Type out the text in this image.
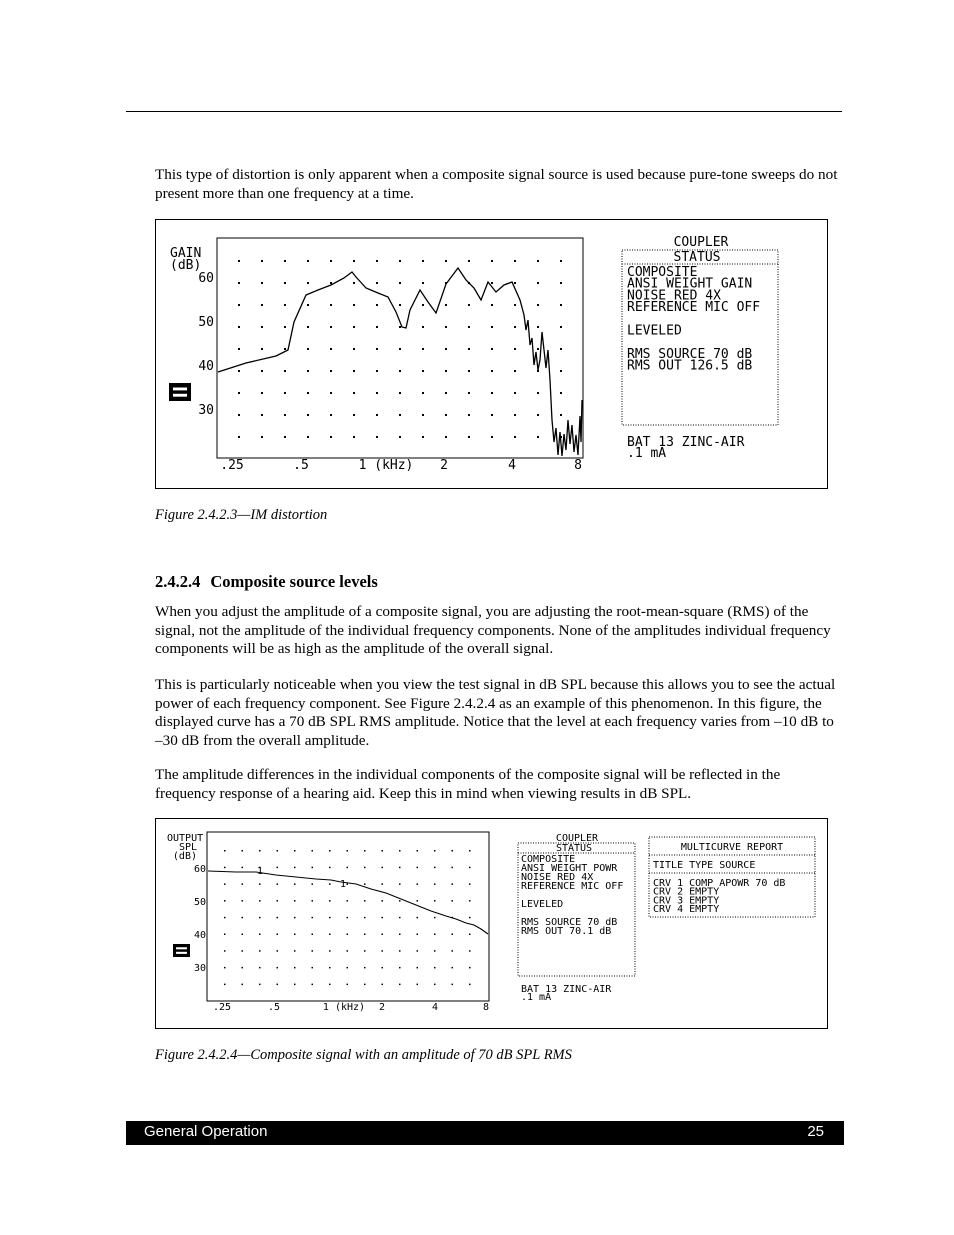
This type of distortion is only apparent when a composite signal source is used because pure-tone sweeps do not present more than one frequency at a time.

GAIN
(dB)
60
50
40
30
.25	.5	1 (kHz) 2	4	8
COUPLER
STATUS
COMPOSITE
ANSI WEIGHT GAIN
NOISE RED 4X
REFERENCE MIC OFF
LEVELED
RMS SOURCE 70 dB
RMS OUT 126.5 dB
BAT 13 ZINC-AIR
.1 mA

Figure 2.4.2.3—IM distortion

2.4.2.4 Composite source levels

When you adjust the amplitude of a composite signal, you are adjusting the root-mean-square (RMS) of the signal, not the amplitude of the individual frequency components. None of the amplitudes individual frequency components will be as high as the amplitude of the overall signal.

This is particularly noticeable when you view the test signal in dB SPL because this allows you to see the actual power of each frequency component. See Figure 2.4.2.4 as an example of this phenomenon. In this figure, the displayed curve has a 70 dB SPL RMS amplitude. Notice that the level at each frequency varies from –10 dB to –30 dB from the overall amplitude.

The amplitude differences in the individual components of the composite signal will be reflected in the frequency response of a hearing aid. Keep this in mind when viewing results in dB SPL.

OUTPUT
SPL
(dB)
60
50
40
30
.25	.5	1 (kHz) 2	4	8
1
1
COUPLER
STATUS
COMPOSITE
ANSI WEIGHT POWR
NOISE RED 4X
REFERENCE MIC OFF
LEVELED
RMS SOURCE 70 dB
RMS OUT 70.1 dB
BAT 13 ZINC-AIR
.1 mA
MULTICURVE REPORT
TITLE TYPE SOURCE
CRV 1 COMP APOWR 70 dB
CRV 2 EMPTY
CRV 3 EMPTY
CRV 4 EMPTY

Figure 2.4.2.4—Composite signal with an amplitude of 70 dB SPL RMS

General Operation	25
